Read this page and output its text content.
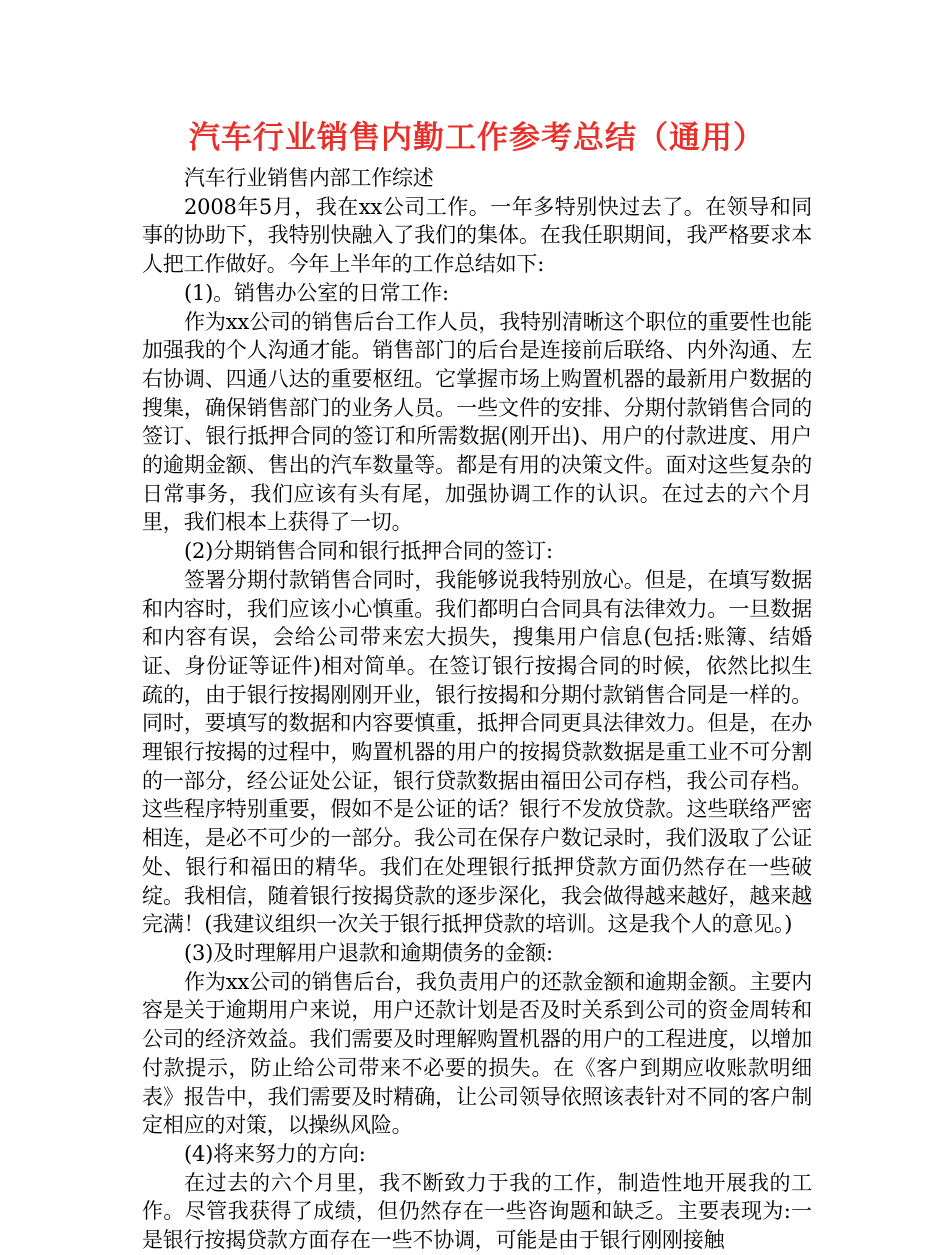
汽车行业销售内勤工作参考总结（通用）

汽车行业销售内部工作综述

2008年5月，我在xx公司工作。一年多特别快过去了。在领导和同事的协助下，我特别快融入了我们的集体。在我任职期间，我严格要求本人把工作做好。今年上半年的工作总结如下:

(1)。销售办公室的日常工作:

作为xx公司的销售后台工作人员，我特别清晰这个职位的重要性也能加强我的个人沟通才能。销售部门的后台是连接前后联络、内外沟通、左右协调、四通八达的重要枢纽。它掌握市场上购置机器的最新用户数据的搜集，确保销售部门的业务人员。一些文件的安排、分期付款销售合同的签订、银行抵押合同的签订和所需数据(刚开出)、用户的付款进度、用户的逾期金额、售出的汽车数量等。都是有用的决策文件。面对这些复杂的日常事务，我们应该有头有尾，加强协调工作的认识。在过去的六个月里，我们根本上获得了一切。

(2)分期销售合同和银行抵押合同的签订:

签署分期付款销售合同时，我能够说我特别放心。但是，在填写数据和内容时，我们应该小心慎重。我们都明白合同具有法律效力。一旦数据和内容有误，会给公司带来宏大损失，搜集用户信息(包括:账簿、结婚证、身份证等证件)相对简单。在签订银行按揭合同的时候，依然比拟生疏的，由于银行按揭刚刚开业，银行按揭和分期付款销售合同是一样的。同时，要填写的数据和内容要慎重，抵押合同更具法律效力。但是，在办理银行按揭的过程中，购置机器的用户的按揭贷款数据是重工业不可分割的一部分，经公证处公证，银行贷款数据由福田公司存档，我公司存档。这些程序特别重要，假如不是公证的话？银行不发放贷款。这些联络严密相连，是必不可少的一部分。我公司在保存户数记录时，我们汲取了公证处、银行和福田的精华。我们在处理银行抵押贷款方面仍然存在一些破绽。我相信，随着银行按揭贷款的逐步深化，我会做得越来越好，越来越完满！(我建议组织一次关于银行抵押贷款的培训。这是我个人的意见。)

(3)及时理解用户退款和逾期债务的金额:

作为xx公司的销售后台，我负责用户的还款金额和逾期金额。主要内容是关于逾期用户来说，用户还款计划是否及时关系到公司的资金周转和公司的经济效益。我们需要及时理解购置机器的用户的工程进度，以增加付款提示，防止给公司带来不必要的损失。在《客户到期应收账款明细表》报告中，我们需要及时精确，让公司领导依照该表针对不同的客户制定相应的对策，以操纵风险。

(4)将来努力的方向:

在过去的六个月里，我不断致力于我的工作，制造性地开展我的工作。尽管我获得了成绩，但仍然存在一些咨询题和缺乏。主要表现为:一是银行按揭贷款方面存在一些不协调，可能是由于银行刚刚接触
